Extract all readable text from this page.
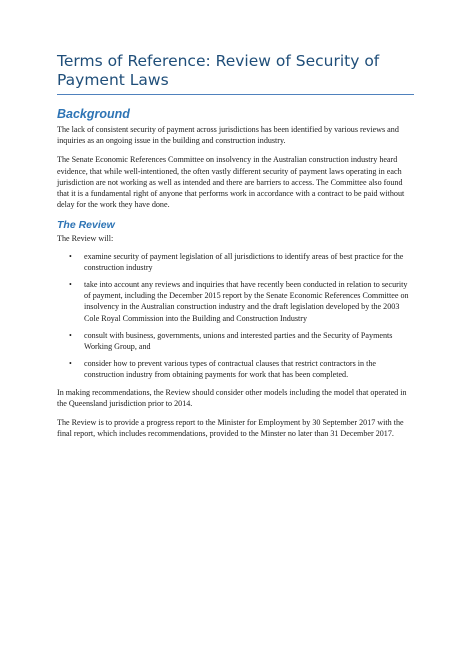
Terms of Reference: Review of Security of Payment Laws
Background

The lack of consistent security of payment across jurisdictions has been identified by various reviews and inquiries as an ongoing issue in the building and construction industry.

The Senate Economic References Committee on insolvency in the Australian construction industry heard evidence, that while well-intentioned, the often vastly different security of payment laws operating in each jurisdiction are not working as well as intended and there are barriers to access. The Committee also found that it is a fundamental right of anyone that performs work in accordance with a contract to be paid without delay for the work they have done.

The Review

The Review will:

• examine security of payment legislation of all jurisdictions to identify areas of best practice for the construction industry
• take into account any reviews and inquiries that have recently been conducted in relation to security of payment, including the December 2015 report by the Senate Economic References Committee on insolvency in the Australian construction industry and the draft legislation developed by the 2003 Cole Royal Commission into the Building and Construction Industry
• consult with business, governments, unions and interested parties and the Security of Payments Working Group, and
• consider how to prevent various types of contractual clauses that restrict contractors in the construction industry from obtaining payments for work that has been completed.

In making recommendations, the Review should consider other models including the model that operated in the Queensland jurisdiction prior to 2014.

The Review is to provide a progress report to the Minister for Employment by 30 September 2017 with the final report, which includes recommendations, provided to the Minster no later than 31 December 2017.
